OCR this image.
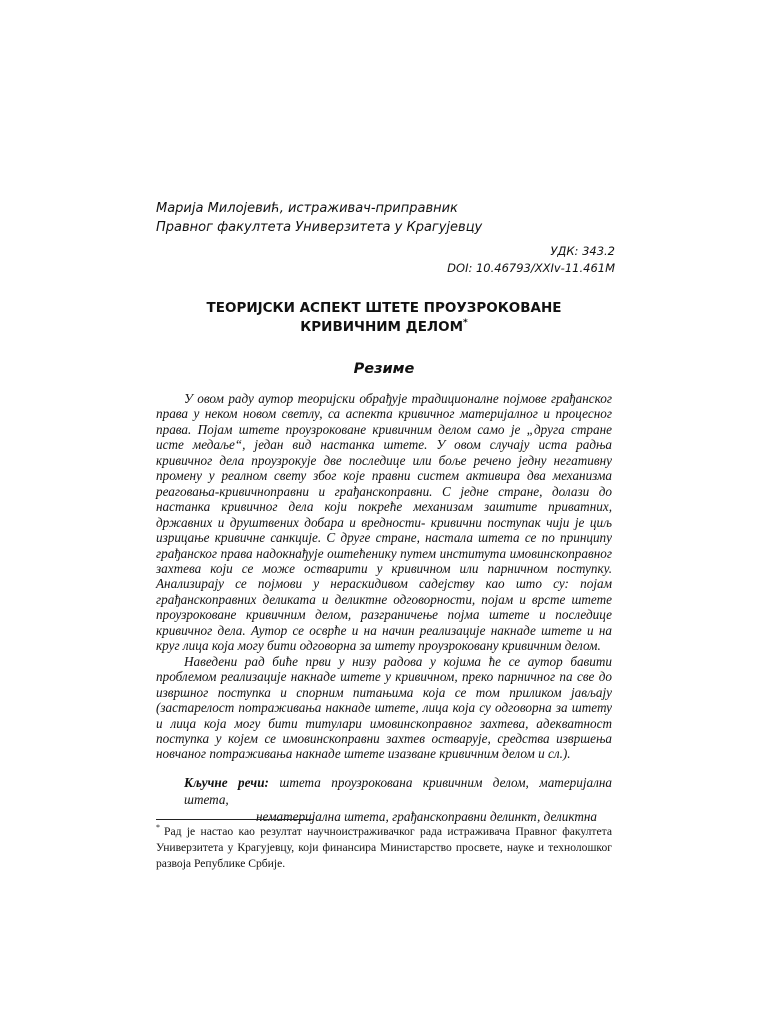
Марија Милојевић, истраживач-приправник
Правног факултета Универзитета у Крагујевцу
УДК: 343.2
DOI: 10.46793/XXIv-11.461M
ТЕОРИЈСКИ АСПЕКТ ШТЕТЕ ПРОУЗРОКОВАНЕ
КРИВИЧНИМ ДЕЛОМ*
Резиме

У овом раду аутор теоријски обрађује традиционалне појмове грађанског права у неком новом светлу, са аспекта кривичног материјалног и процесног права. Појам штете проузроковане кривичним делом само је „друга стране исте медаље“, један вид настанка штете. У овом случају иста радња кривичног дела проузрокује две последице или боље речено једну негативну промену у реалном свету због које правни систем активира два механизма реаговања-кривичноправни и грађанскоправни. С једне стране, долази до настанка кривичног дела који покреће механизам заштите приватних, државних и друштвених добара и вредности- кривични поступак чији је циљ изрицање кривичне санкције. С друге стране, настала штета се по принципу грађанског права надокнађује оштећенику путем института имовинскоправног захтева који се може остварити у кривичном или парничном поступку. Анализирају се појмови у нераскидивом садејству као што су: појам грађанскоправних деликата и деликтне одговорности, појам и врсте штете проузроковане кривичним делом, разграничење појма штете и последице кривичног дела. Аутор се осврће и на начин реализације накнаде штете и на круг лица која могу бити одговорна за штету проузроковану кривичним делом.

Наведени рад биће први у низу радова у којима ће се аутор бавити проблемом реализације накнаде штете у кривичном, преко парничног па све до извршног поступка и спорним питањима која се том приликом јављају (застарелост потраживања накнаде штете, лица која су одговорна за штету и лица која могу бити титулари имовинскоправног захтева, адекватност поступка у којем се имовинскоправни захтев остварује, средства извршења новчаног потраживања накнаде штете изазване кривичним делом и сл.).

Кључне речи: штета проузрокована кривичним делом, материјална штета,
нематеријална штета, грађанскоправни делинкт, деликтна
* Рад је настао као резултат научноистраживачког рада истраживача Правног факултета Универзитета у Крагујевцу, који финансира Министарство просвете, науке и технолошког развоја Републике Србије.
